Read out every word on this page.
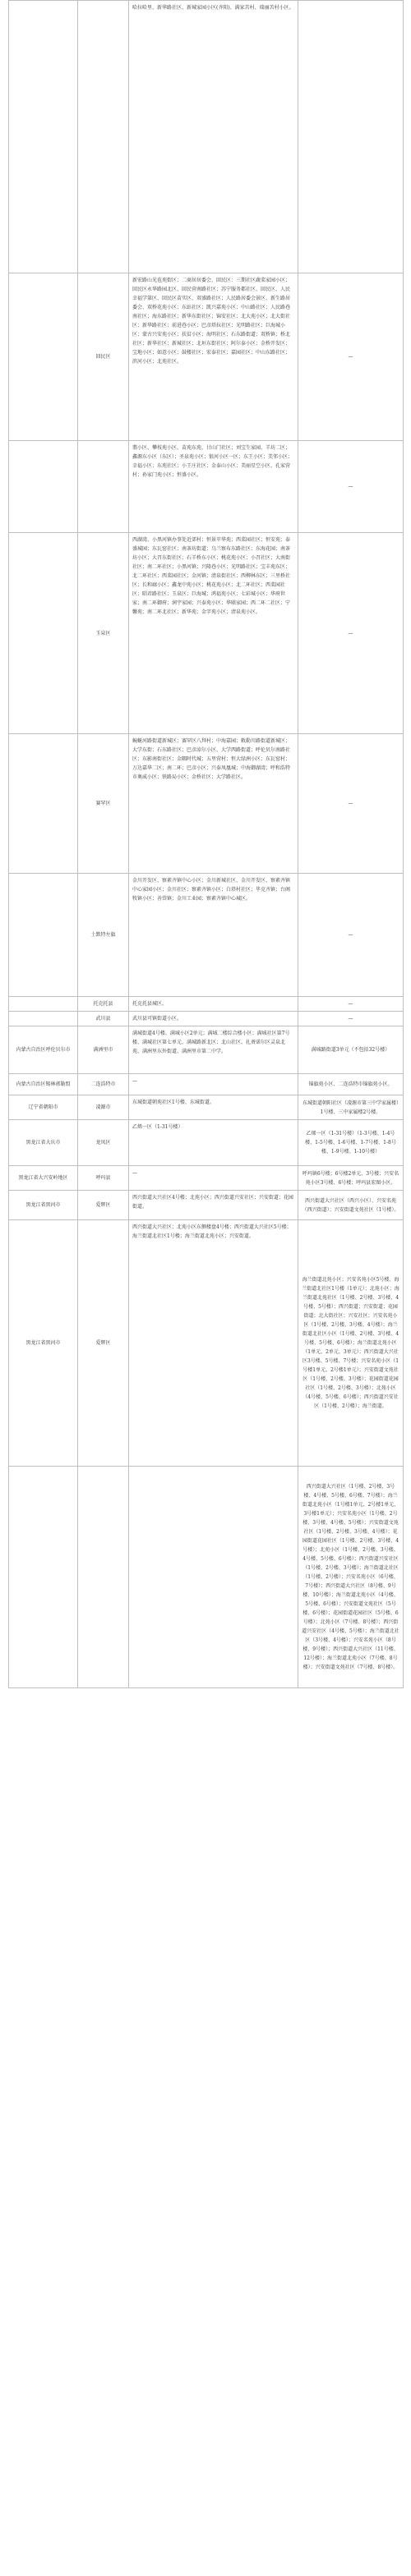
		哈拉哈里、新华路社区、新城家园小区(齐阳)、满家苦村、瑞丽苦村小区。	
	回民区	新宏路山光苞苑街区；二商居居委会、回民区：三期社区蔬菜家园小区；回民区永华路园北区、回民营南路社区；苏宁服务都社区、回民区、人民幸福学第区、回民区苗实区、双盛路社区；人民路居委会景区、新生路居委会、双桥花苑小区；东站社区；凯兴嘉苑小区；中山路社区；人民路巷南社区；海东路社区；新华东街社区；锦安社区；北大苑小区；北大街社区；新华路社区；前进巷小区；巴彦塔拉社区；光明路社区；巨海城小区；蒙古兴安苑小区；扶贫小区；海明社区；石东路街道；双桥镇；桥北社区；新华社区；新城社区；北垣东街社区；阿尔泰小区；金桥开发区；宝地小区；如意小区；鼓楼社区；宏泰社区；嘉园社区；中山东路社区；滨河小区；北苑社区。	—
		翡小区、攀枝苑小区、苗苑东苑、甘山门社区；刘宝生家园、羊坊二区；鑫源东小区（东区）；圣泉苑小区；银河小区一区；东王小区；美邻小区；幸福小区；东苑社区；小王庄社区；金泰山小区；美丽星空小区、孔家营村；孙家门苑小区；恒盛小区。	—
	玉泉区	西湖湾、小黑河镇办事处近郊村；恒景苹华苑；西菜园社区；恒安苑；泰盛城园；东瓦窑社区；南茶坊街道；乌兰察布东路社区；东海花园；南茶坊小区；大召东街社区；石羊桥东小区；桃花苑小区；小召社区；大南街社区；南二环社区；小黑河镇；兴隆巷小区；光明路社区；宝丰苑东区；北二环社区；西菜园社区；金河镇；清泉街社区；西柳林东区；三里桥社区；长和廊小区；鑫龙中苑小区；桃花苑小区；北二环社区；西菜园社区；昭君路社区；玉泉区；巨海城；鸿福苑小区；七彩城小区；华府世家；南二环御府；润宇家园；兴泰苑小区；华联家园；西二环二社区；宁馨苑；南二环北社区；新华苑；金字苑小区；清泉苑小区。	—
	赛罕区	蜿蜒河路街道新城区；赛罕区八拜村；中海嘉园；敕勒川路街道新城区；大学东街；石东路社区；巴彦淖尔小区、大学西路街道；呼伦贝尔南路社区；东影南街社区；金隅时代城；五里营村；恒大绿洲小区；东瓦窑村；万达嘉华二区；南二环；巴彦小区；兴泰凤凰城；中海御湖湾；呼和浩特市奥威小区；铁路局小区；金桥社区；大学路社区。	—
	土默特左旗	金川开发区、察素齐镇中心小区；金川新城社区、金川开发区、察素齐镇中心家园小区；金川社区；察素齐镇小区；白塔村社区；毕克齐镇；台阁牧镇小区；善岱镇；金川工业园；察素齐镇中心城区。	—
	托克托县	托克托县城区。	—
	武川县	武川县可镇街道小区。	—
内蒙古自治区呼伦贝尔市	满洲里市	满城街道4号楼、满城小区2单元；满城二楼综合楼小区；满城社区第7号楼、满城社区第七单元、满城路新北区；北山社区、扎赉诺尔区灵泉北苑、满洲里东外街道、满洲里市第二中学。	满城路街道3单元（不包括32号楼）
内蒙古自治区锡林郭勒盟	二连浩特市	—	锦旗苑小区、二连浩特市锦旗苑小区。
辽宁省朝阳市	凌源市	东城街道朝苑社区1号楼、东城街道。	东城街道朝阳社区（凌源市第三中学家属楼）1号楼、三中家属楼2号楼。
黑龙江省大庆市	龙凤区	乙烯一区（1-31号楼）	乙烯一区（1-31号楼）（1-3号楼、1-4号楼、1-5号楼、1-6号楼、1-7号楼、1-8号楼、1-9号楼、1-10号楼）
黑龙江省大兴安岭地区	呼玛县	—	呼玛镇6号楼；6号楼2单元、3号楼；兴安名苑小区3号楼、6号楼；呼玛县宏图小区。
黑龙江省黑河市	爱辉区	西兴街道大兴社区4号楼；北苑小区；西兴街道兴安社区；兴安街道；花园街道。	西兴街道大兴社区（西兴小区）、兴安名苑（西兴街道）；兴安街道文苑社区（1号楼）。
黑龙江省黑河市	爱辉区	西兴街道大兴社区；北苑小区东侧楼盘4号楼；西兴街道大兴社区5号楼；海兰街道北社区1号楼；海兰街道北苑小区；兴安街道。	海兰街道北苑小区；兴安名苑小区5号楼、海兰街道北社区1号楼（1单元）；北苑小区；海兰街道北苑社区（1号楼、2号楼、3号楼、4号楼、5号楼）；西兴街道；兴安街道；花园街道；北大街社区；兴安社区；兴安名苑小区（1号楼、2号楼、3号楼、4号楼）；海兰街道北社区小区（1号楼、2号楼、3号楼、4号楼、5号楼、6号楼）；海兰街道北苑小区（1单元、2单元、3单元）；西兴街道大兴社区3号楼、5号楼、7号楼；兴安名苑小区（1号楼1单元、2号楼1单元）；兴安街道文苑社区（1号楼、2号楼、3号楼）；花园街道花园社区（1号楼、2号楼、3号楼）；北苑小区（4号楼、5号楼、6号楼）；西兴街道兴安社区（1号楼、2号楼）；海兰街道。
			西兴街道大兴社区（1号楼、2号楼、3号楼、4号楼、5号楼、6号楼、7号楼）；海兰街道北苑小区（1号楼1单元、2号楼1单元、3号楼1单元）；兴安名苑小区（1号楼、2号楼、3号楼、4号楼、5号楼）；兴安街道文苑社区（1号楼、2号楼、3号楼、4号楼）；花园街道花园社区（1号楼、2号楼、3号楼、4号楼）；北苑小区（1号楼、2号楼、3号楼、4号楼、5号楼、6号楼）；西兴街道兴安社区（1号楼、2号楼、3号楼）；海兰街道北社区（1号楼、2号楼）；兴安名苑小区（6号楼、7号楼）；西兴街道大兴社区（8号楼、9号楼、10号楼）；海兰街道北苑小区（4号楼、5号楼、6号楼）；兴安街道文苑社区（5号楼、6号楼）；花园街道花园社区（5号楼、6号楼）；北苑小区（7号楼、8号楼）；西兴街道兴安社区（4号楼、5号楼）；海兰街道北社区（3号楼、4号楼）；兴安名苑小区（8号楼、9号楼）；西兴街道大兴社区（11号楼、12号楼）；海兰街道北苑小区（7号楼、8号楼）；兴安街道文苑社区（7号楼、8号楼）。
